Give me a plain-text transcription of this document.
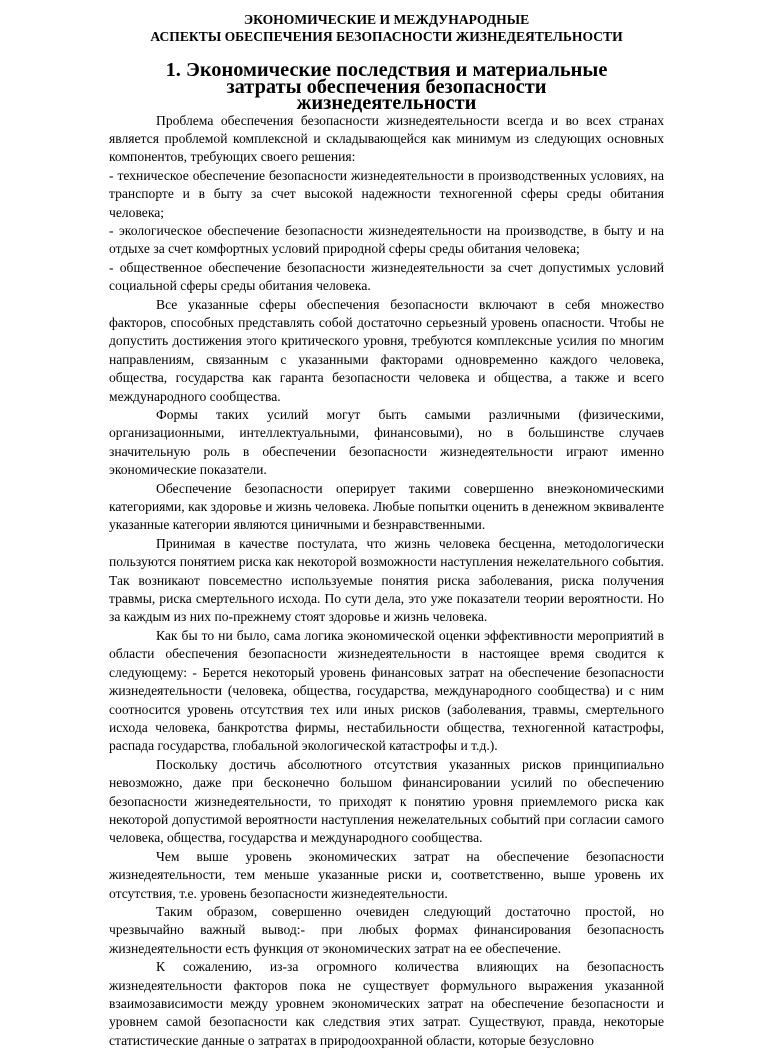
ЭКОНОМИЧЕСКИЕ И МЕЖДУНАРОДНЫЕ
АСПЕКТЫ ОБЕСПЕЧЕНИЯ БЕЗОПАСНОСТИ ЖИЗНЕДЕЯТЕЛЬНОСТИ
1. Экономические последствия и материальные
затраты обеспечения безопасности
жизнедеятельности

Проблема обеспечения безопасности жизнедеятельности всегда и во всех странах является проблемой комплексной и складывающейся как минимум из следующих основных компонентов, требующих своего решения:

- техническое обеспечение безопасности жизнедеятельности в производственных условиях, на транспорте и в быту за счет высокой надежности техногенной сферы среды обитания человека;

- экологическое обеспечение безопасности жизнедеятельности на производстве, в быту и на отдыхе за счет комфортных условий природной сферы среды обитания человека;

- общественное обеспечение безопасности жизнедеятельности за счет допустимых условий социальной сферы среды обитания человека.

Все указанные сферы обеспечения безопасности включают в себя множество факторов, способных представлять собой достаточно серьезный уровень опасности. Чтобы не допустить достижения этого критического уровня, требуются комплексные усилия по многим направлениям, связанным с указанными факторами одновременно каждого человека, общества, государства как гаранта безопасности человека и общества, а также и всего международного сообщества.

Формы таких усилий могут быть самыми различными (физическими, организационными, интеллектуальными, финансовыми), но в большинстве случаев значительную роль в обеспечении безопасности жизнедеятельности играют именно экономические показатели.

Обеспечение безопасности оперирует такими совершенно внеэкономическими категориями, как здоровье и жизнь человека. Любые попытки оценить в денежном эквиваленте указанные категории являются циничными и безнравственными.

Принимая в качестве постулата, что жизнь человека бесценна, методологически пользуются понятием риска как некоторой возможности наступления нежелательного события. Так возникают повсеместно используемые понятия риска заболевания, риска получения травмы, риска смертельного исхода. По сути дела, это уже показатели теории вероятности. Но за каждым из них по-прежнему стоят здоровье и жизнь человека.

Как бы то ни было, сама логика экономической оценки эффективности мероприятий в области обеспечения безопасности жизнедеятельности в настоящее время сводится к следующему: - Берется некоторый уровень финансовых затрат на обеспечение безопасности жизнедеятельности (человека, общества, государства, международного сообщества) и с ним соотносится уровень отсутствия тех или иных рисков (заболевания, травмы, смертельного исхода человека, банкротства фирмы, нестабильности общества, техногенной катастрофы, распада государства, глобальной экологической катастрофы и т.д.).

Поскольку достичь абсолютного отсутствия указанных рисков принципиально невозможно, даже при бесконечно большом финансировании усилий по обеспечению безопасности жизнедеятельности, то приходят к понятию уровня приемлемого риска как некоторой допустимой вероятности наступления нежелательных событий при согласии самого человека, общества, государства и международного сообщества.

Чем выше уровень экономических затрат на обеспечение безопасности жизнедеятельности, тем меньше указанные риски и, соответственно, выше уровень их отсутствия, т.е. уровень безопасности жизнедеятельности.

Таким образом, совершенно очевиден следующий достаточно простой, но чрезвычайно важный вывод:- при любых формах финансирования безопасность жизнедеятельности есть функция от экономических затрат на ее обеспечение.

К сожалению, из-за огромного количества влияющих на безопасность жизнедеятельности факторов пока не существует формульного выражения указанной взаимозависимости между уровнем экономических затрат на обеспечение безопасности и уровнем самой безопасности как следствия этих затрат. Существуют, правда, некоторые статистические данные о затратах в природоохранной области, которые безусловно
